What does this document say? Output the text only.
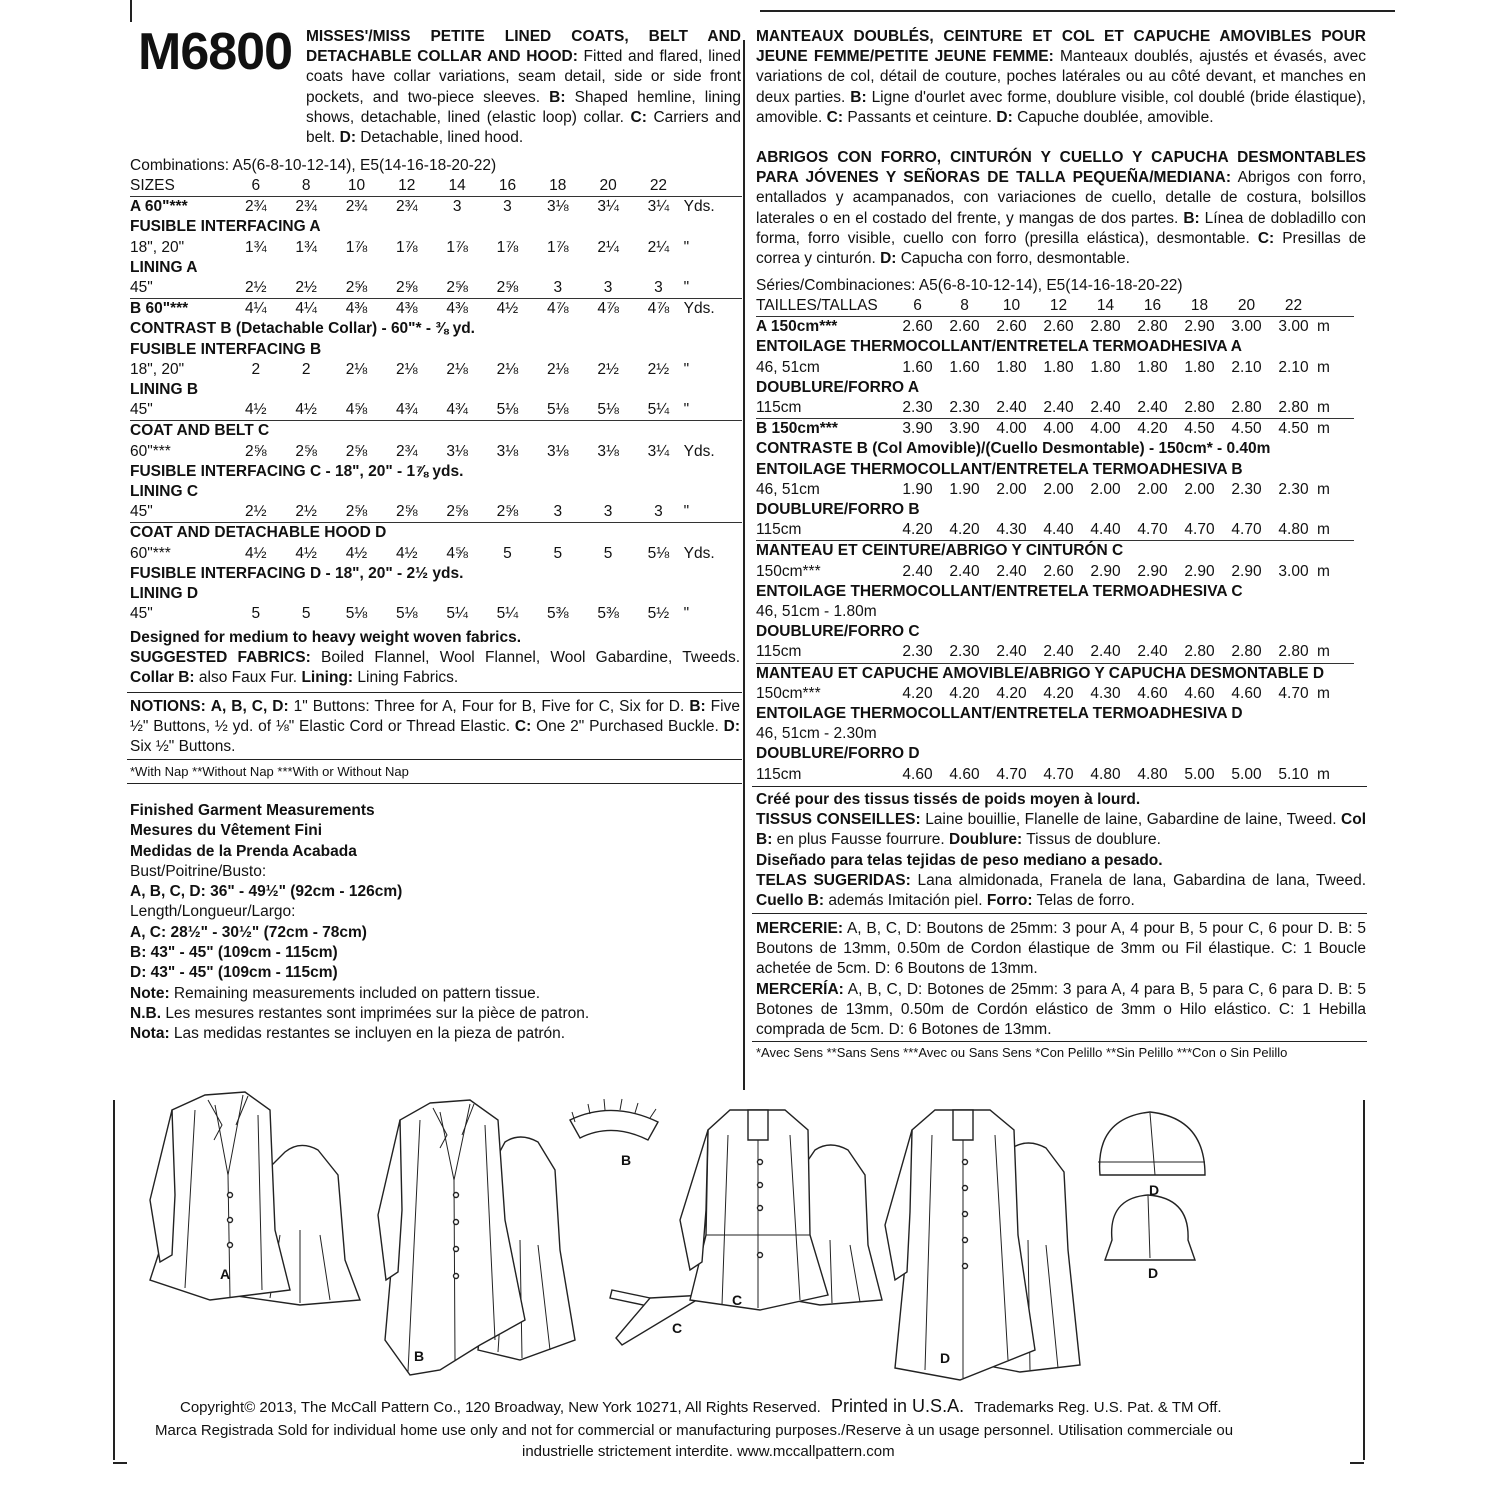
M6800 MISSES'/MISS PETITE LINED COATS, BELT AND DETACHABLE COLLAR AND HOOD: Fitted and flared, lined coats have collar variations, seam detail, side or side front pockets, and two-piece sleeves. B: Shaped hemline, lining shows, detachable, lined (elastic loop) collar. C: Carriers and belt. D: Detachable, lined hood.
MANTEAUX DOUBLÉS, CEINTURE ET COL ET CAPUCHE AMOVIBLES POUR JEUNE FEMME/PETITE JEUNE FEMME: Manteaux doublés, ajustés et évasés, avec variations de col, détail de couture, poches latérales ou au côté devant, et manches en deux parties. B: Ligne d'ourlet avec forme, doublure visible, col doublé (bride élastique), amovible. C: Passants et ceinture. D: Capuche doublée, amovible.
ABRIGOS CON FORRO, CINTURÓN Y CUELLO Y CAPUCHA DESMONTABLES PARA JÓVENES Y SEÑORAS DE TALLA PEQUEÑA/MEDIANA: Abrigos con forro, entallados y acampanados, con variaciones de cuello, detalle de costura, bolsillos laterales o en el costado del frente, y mangas de dos partes. B: Línea de dobladillo con forma, forro visible, cuello con forro (presilla elástica), desmontable. C: Presillas de correa y cinturón. D: Capucha con forro, desmontable.
Combinations: A5(6-8-10-12-14), E5(14-16-18-20-22)
SIZES	6	8	10	12	14	16	18	20	22	
A 60"***	2¾	2¾	2¾	2¾	3	3	3⅛	3¼	3¼	Yds.
FUSIBLE INTERFACING A										
18", 20"	1¾	1¾	1⅞	1⅞	1⅞	1⅞	1⅞	2¼	2¼	"
LINING A										
45"	2½	2½	2⅝	2⅝	2⅝	2⅝	3	3	3	"
B 60"***	4¼	4¼	4⅜	4⅜	4⅜	4½	4⅞	4⅞	4⅞	Yds.
CONTRAST B (Detachable Collar) - 60"* - ⅜ yd.										
FUSIBLE INTERFACING B										
18", 20"	2	2	2⅛	2⅛	2⅛	2⅛	2⅛	2½	2½	"
LINING B										
45"	4½	4½	4⅝	4¾	4¾	5⅛	5⅛	5⅛	5¼	"
COAT AND BELT C										
60"***	2⅝	2⅝	2⅝	2¾	3⅛	3⅛	3⅛	3⅛	3¼	Yds.
FUSIBLE INTERFACING C - 18", 20" - 1⅞ yds.										
LINING C										
45"	2½	2½	2⅝	2⅝	2⅝	2⅝	3	3	3	"
COAT AND DETACHABLE HOOD D										
60"***	4½	4½	4½	4½	4⅝	5	5	5	5⅛	Yds.
FUSIBLE INTERFACING D - 18", 20" - 2½ yds.										
LINING D										
45"	5	5	5⅛	5⅛	5¼	5¼	5⅜	5⅜	5½	"
Séries/Combinaciones: A5(6-8-10-12-14), E5(14-16-18-20-22)
TAILLES/TALLAS	6	8	10	12	14	16	18	20	22	
A 150cm***	2.60	2.60	2.60	2.60	2.80	2.80	2.90	3.00	3.00	m
ENTOILAGE THERMOCOLLANT/ENTRETELA TERMOADHESIVA A										
46, 51cm	1.60	1.60	1.80	1.80	1.80	1.80	1.80	2.10	2.10	m
DOUBLURE/FORRO A										
115cm	2.30	2.30	2.40	2.40	2.40	2.40	2.80	2.80	2.80	m
B 150cm***	3.90	3.90	4.00	4.00	4.00	4.20	4.50	4.50	4.50	m
CONTRASTE B (Col Amovible)/(Cuello Desmontable) - 150cm* - 0.40m										
ENTOILAGE THERMOCOLLANT/ENTRETELA TERMOADHESIVA B										
46, 51cm	1.90	1.90	2.00	2.00	2.00	2.00	2.00	2.30	2.30	m
DOUBLURE/FORRO B										
115cm	4.20	4.20	4.30	4.40	4.40	4.70	4.70	4.70	4.80	m
MANTEAU ET CEINTURE/ABRIGO Y CINTURÓN C										
150cm***	2.40	2.40	2.40	2.60	2.90	2.90	2.90	2.90	3.00	m
ENTOILAGE THERMOCOLLANT/ENTRETELA TERMOADHESIVA C										
46, 51cm - 1.80m										
DOUBLURE/FORRO C										
115cm	2.30	2.30	2.40	2.40	2.40	2.40	2.80	2.80	2.80	m
MANTEAU ET CAPUCHE AMOVIBLE/ABRIGO Y CAPUCHA DESMONTABLE D										
150cm***	4.20	4.20	4.20	4.20	4.30	4.60	4.60	4.60	4.70	m
ENTOILAGE THERMOCOLLANT/ENTRETELA TERMOADHESIVA D										
46, 51cm - 2.30m										
DOUBLURE/FORRO D										
115cm	4.60	4.60	4.70	4.70	4.80	4.80	5.00	5.00	5.10	m
Designed for medium to heavy weight woven fabrics.
SUGGESTED FABRICS: Boiled Flannel, Wool Flannel, Wool Gabardine, Tweeds. Collar B: also Faux Fur. Lining: Lining Fabrics.
NOTIONS: A, B, C, D: 1" Buttons: Three for A, Four for B, Five for C, Six for D. B: Five ½" Buttons, ½ yd. of ⅛" Elastic Cord or Thread Elastic. C: One 2" Purchased Buckle. D: Six ½" Buttons.
*With Nap **Without Nap ***With or Without Nap
Finished Garment Measurements
Mesures du Vêtement Fini
Medidas de la Prenda Acabada
Bust/Poitrine/Busto:
A, B, C, D: 36" - 49½" (92cm - 126cm)
Length/Longueur/Largo:
A, C: 28½" - 30½" (72cm - 78cm)
B: 43" - 45" (109cm - 115cm)
D: 43" - 45" (109cm - 115cm)
Note: Remaining measurements included on pattern tissue.
N.B. Les mesures restantes sont imprimées sur la pièce de patron.
Nota: Las medidas restantes se incluyen en la pieza de patrón.
Créé pour des tissus tissés de poids moyen à lourd.
TISSUS CONSEILLES: Laine bouillie, Flanelle de laine, Gabardine de laine, Tweed. Col B: en plus Fausse fourrure. Doublure: Tissus de doublure.
Diseñado para telas tejidas de peso mediano a pesado.
TELAS SUGERIDAS: Lana almidonada, Franela de lana, Gabardina de lana, Tweed. Cuello B: además Imitación piel. Forro: Telas de forro.
MERCERIE: A, B, C, D: Boutons de 25mm: 3 pour A, 4 pour B, 5 pour C, 6 pour D. B: 5 Boutons de 13mm, 0.50m de Cordon élastique de 3mm ou Fil élastique. C: 1 Boucle achetée de 5cm. D: 6 Boutons de 13mm.
MERCERÍA: A, B, C, D: Botones de 25mm: 3 para A, 4 para B, 5 para C, 6 para D. B: 5 Botones de 13mm, 0.50m de Cordón elástico de 3mm o Hilo elástico. C: 1 Hebilla comprada de 5cm. D: 6 Botones de 13mm.
*Avec Sens **Sans Sens ***Avec ou Sans Sens *Con Pelillo **Sin Pelillo ***Con o Sin Pelillo
A
B
B
C
C
D
D
D
Copyright© 2013, The McCall Pattern Co., 120 Broadway, New York 10271, All Rights Reserved. Printed in U.S.A. Trademarks Reg. U.S. Pat. & TM Off.
Marca Registrada Sold for individual home use only and not for commercial or manufacturing purposes./Reserve à un usage personnel. Utilisation commerciale ou
industrielle strictement interdite. www.mccallpattern.com
